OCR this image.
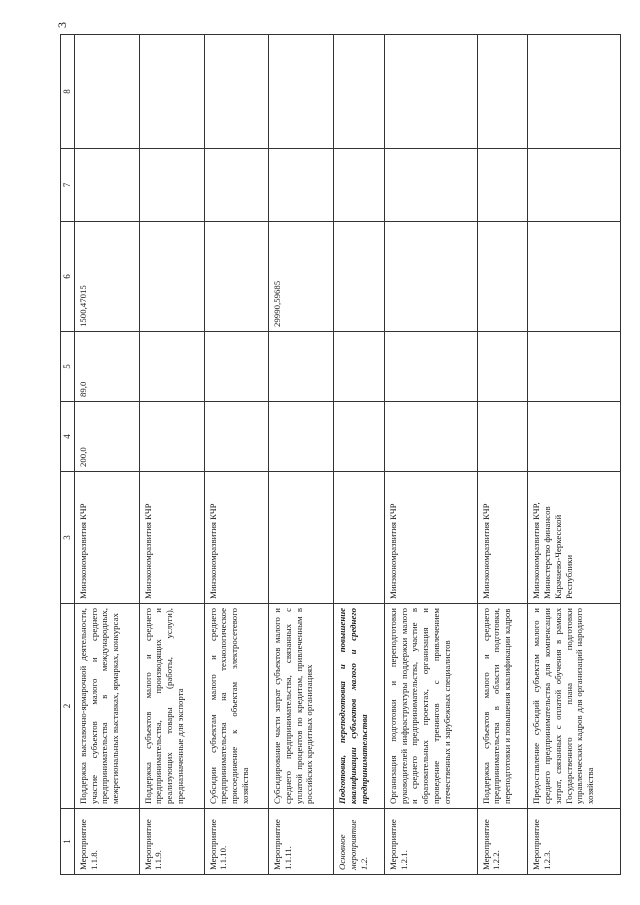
3
1	2	3	4	5	6	7	8
Мероприятие 1.1.8.	Поддержка выставочно-ярмарочной деятельности, участие субъектов малого и среднего предпринимательства в международных, межрегиональных выставках, ярмарках, конкурсах	Минэкономразвития КЧР	200,0	89,0	1500,47015		
Мероприятие 1.1.9.	Поддержка субъектов малого и среднего предпринимательства, производящих и реализующих товары (работы, услуги), предназначенные для экспорта	Минэкономразвития КЧР					
Мероприятие 1.1.10.	Субсидии субъектам малого и среднего предпринимательства на технологическое присоединение к объектам электросетевого хозяйства	Минэкономразвития КЧР					
Мероприятие 1.1.11.	Субсидирование части затрат субъектов малого и среднего предпринимательства, связанных с уплатой процентов по кредитам, привлеченным в российских кредитных организациях				29990,59685		
Основное мероприятие 1.2.	Подготовка, переподготовка и повышение квалификации субъектов малого и среднего предпринимательства						
Мероприятие 1.2.1.	Организация подготовки и переподготовки руководителей инфраструктуры поддержки малого и среднего предпринимательства, участие в образовательных проектах, организация и проведение тренингов с привлечением отечественных и зарубежных специалистов	Минэкономразвития КЧР					
Мероприятие 1.2.2.	Поддержка субъектов малого и среднего предпринимательства в области подготовки, переподготовки и повышения квалификации кадров	Минэкономразвития КЧР					
Мероприятие 1.2.3.	Предоставление субсидий субъектам малого и среднего предпринимательства для компенсации затрат, связанных с оплатой обучения в рамках Государственного плана подготовки управленческих кадров для организаций народного хозяйства	Минэкономразвития КЧР, Министерство финансов Карачаево-Черкесской Республики					
